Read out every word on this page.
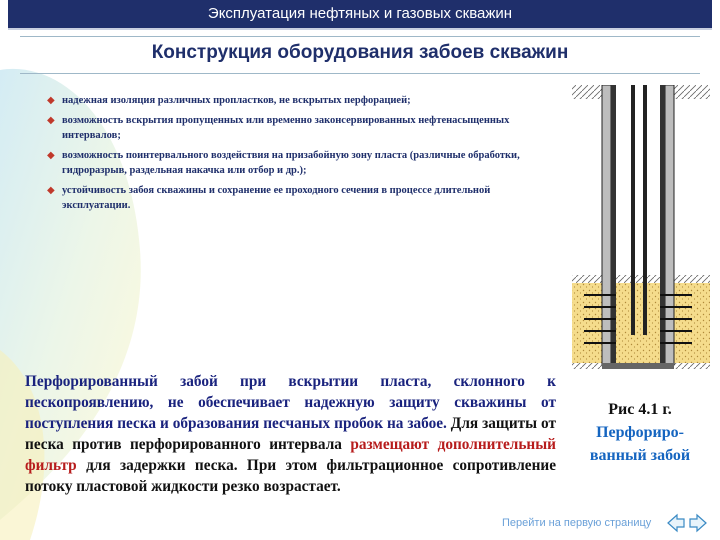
Эксплуатация нефтяных и газовых скважин
Конструкция оборудования забоев скважин
◆ надежная изоляция различных пропластков, не вскрытых перфорацией;
◆ возможность вскрытия пропущенных или временно законсервированных нефтенасыщенных интервалов;
◆ возможность поинтервального воздействия на призабойную зону пласта (различные обработки, гидроразрыв, раздельная накачка или отбор и др.);
◆ устойчивость забоя скважины и сохранение ее проходного сечения в процессе длительной эксплуатации.
Перфорированный забой при вскрытии пласта, склонного к пескопроявлению, не обеспечивает надежную защиту скважины от поступления песка и образования песчаных пробок на забое. Для защиты от песка против перфорированного интервала размещают дополнительный фильтр для задержки песка. При этом фильтрационное сопротивление потоку пластовой жидкости резко возрастает.
Рис 4.1 г.
Перфориро-ванный забой
Перейти на первую страницу
